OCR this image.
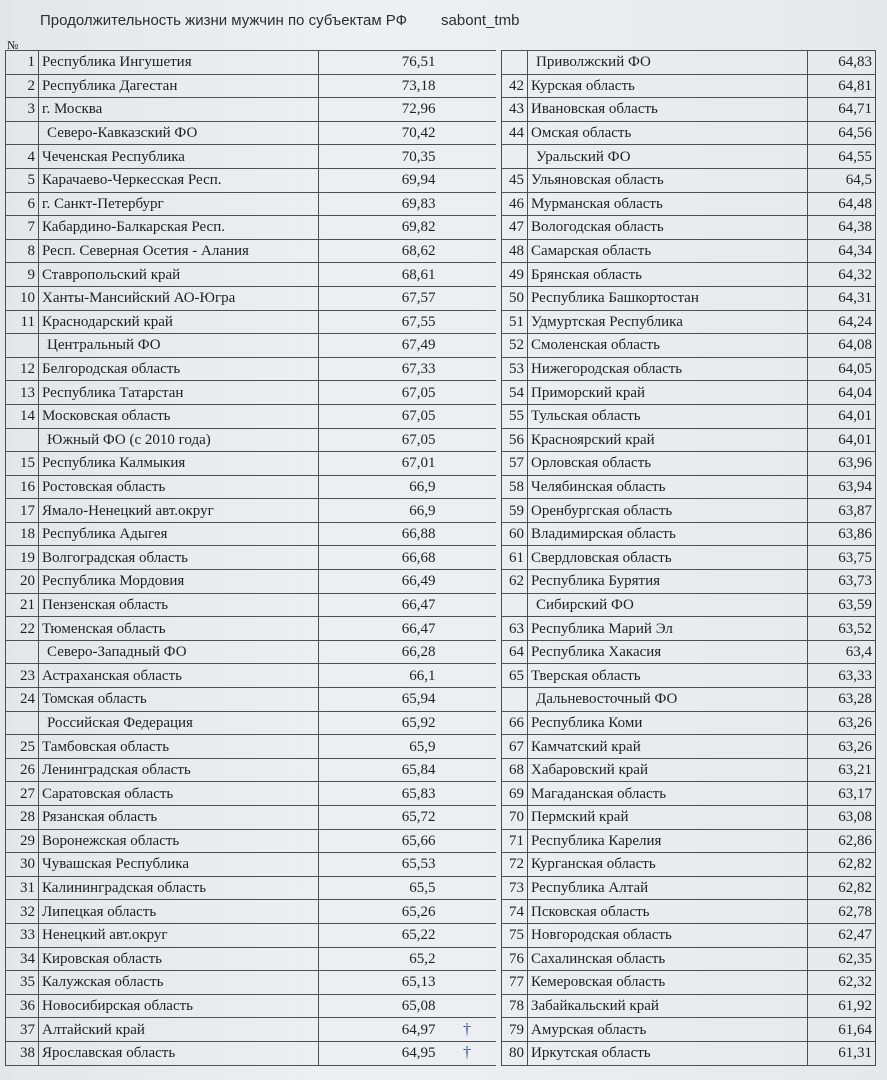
Продолжительность жизни мужчин по субъектам РФ sabont_tmb
№
1	Республика Ингушетия	76,51	
2	Республика Дагестан	73,18	
3	г. Москва	72,96	
	Северо-Кавказский ФО	70,42	
4	Чеченская Республика	70,35	
5	Карачаево-Черкесская Респ.	69,94	
6	г. Санкт-Петербург	69,83	
7	Кабардино-Балкарская Респ.	69,82	
8	Респ. Северная Осетия - Алания	68,62	
9	Ставропольский край	68,61	
10	Ханты-Мансийский АО-Югра	67,57	
11	Краснодарский край	67,55	
	Центральный ФО	67,49	
12	Белгородская область	67,33	
13	Республика Татарстан	67,05	
14	Московская область	67,05	
	Южный ФО (с 2010 года)	67,05	
15	Республика Калмыкия	67,01	
16	Ростовская область	66,9	
17	Ямало-Ненецкий авт.округ	66,9	
18	Республика Адыгея	66,88	
19	Волгоградская область	66,68	
20	Республика Мордовия	66,49	
21	Пензенская область	66,47	
22	Тюменская область	66,47	
	Северо-Западный ФО	66,28	
23	Астраханская область	66,1	
24	Томская область	65,94	
	Российская Федерация	65,92	
25	Тамбовская область	65,9	
26	Ленинградская область	65,84	
27	Саратовская область	65,83	
28	Рязанская область	65,72	
29	Воронежская область	65,66	
30	Чувашская Республика	65,53	
31	Калининградская область	65,5	
32	Липецкая область	65,26	
33	Ненецкий авт.округ	65,22	
34	Кировская область	65,2	
35	Калужская область	65,13	
36	Новосибирская область	65,08	
37	Алтайский край	64,97	†
38	Ярославская область	64,95	†
	Приволжский ФО	64,83
42	Курская область	64,81
43	Ивановская область	64,71
44	Омская область	64,56
	Уральский ФО	64,55
45	Ульяновская область	64,5
46	Мурманская область	64,48
47	Вологодская область	64,38
48	Самарская область	64,34
49	Брянская область	64,32
50	Республика Башкортостан	64,31
51	Удмуртская Республика	64,24
52	Смоленская область	64,08
53	Нижегородская область	64,05
54	Приморский край	64,04
55	Тульская область	64,01
56	Красноярский край	64,01
57	Орловская область	63,96
58	Челябинская область	63,94
59	Оренбургская область	63,87
60	Владимирская область	63,86
61	Свердловская область	63,75
62	Республика Бурятия	63,73
	Сибирский ФО	63,59
63	Республика Марий Эл	63,52
64	Республика Хакасия	63,4
65	Тверская область	63,33
	Дальневосточный ФО	63,28
66	Республика Коми	63,26
67	Камчатский край	63,26
68	Хабаровский край	63,21
69	Магаданская область	63,17
70	Пермский край	63,08
71	Республика Карелия	62,86
72	Курганская область	62,82
73	Республика Алтай	62,82
74	Псковская область	62,78
75	Новгородская область	62,47
76	Сахалинская область	62,35
77	Кемеровская область	62,32
78	Забайкальский край	61,92
79	Амурская область	61,64
80	Иркутская область	61,31
